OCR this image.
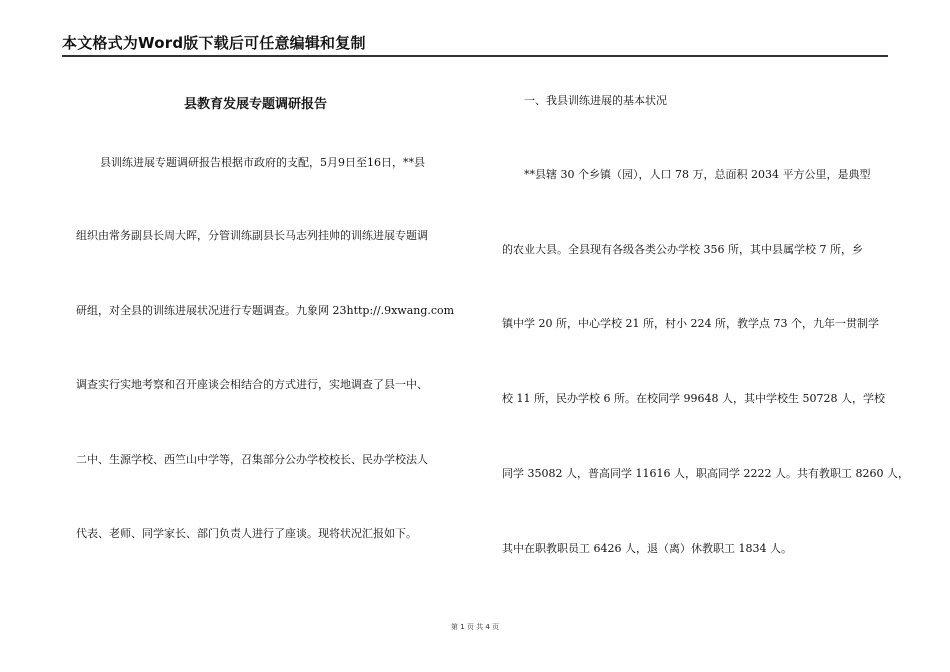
本文格式为Word版下载后可任意编辑和复制
县教育发展专题调研报告
县训练进展专题调研报告根据市政府的支配，5月9日至16日，**县
组织由常务副县长周大晖，分管训练副县长马志列挂帅的训练进展专题调
研组，对全县的训练进展状况进行专题调查。九象网 23http://.9xwang.com
调查实行实地考察和召开座谈会相结合的方式进行，实地调查了县一中、
二中、生源学校、西竺山中学等，召集部分公办学校校长、民办学校法人
代表、老师、同学家长、部门负责人进行了座谈。现将状况汇报如下。
一、我县训练进展的基本状况
**县辖 30 个乡镇（园），人口 78 万，总面积 2034 平方公里，是典型
的农业大县。全县现有各级各类公办学校 356 所，其中县属学校 7 所，乡
镇中学 20 所，中心学校 21 所，村小 224 所，教学点 73 个，九年一贯制学
校 11 所，民办学校 6 所。在校同学 99648 人，其中学校生 50728 人，学校
同学 35082 人，普高同学 11616 人，职高同学 2222 人。共有教职工 8260 人，
其中在职教职员工 6426 人，退（离）休教职工 1834 人。
第 1 页 共 4 页
